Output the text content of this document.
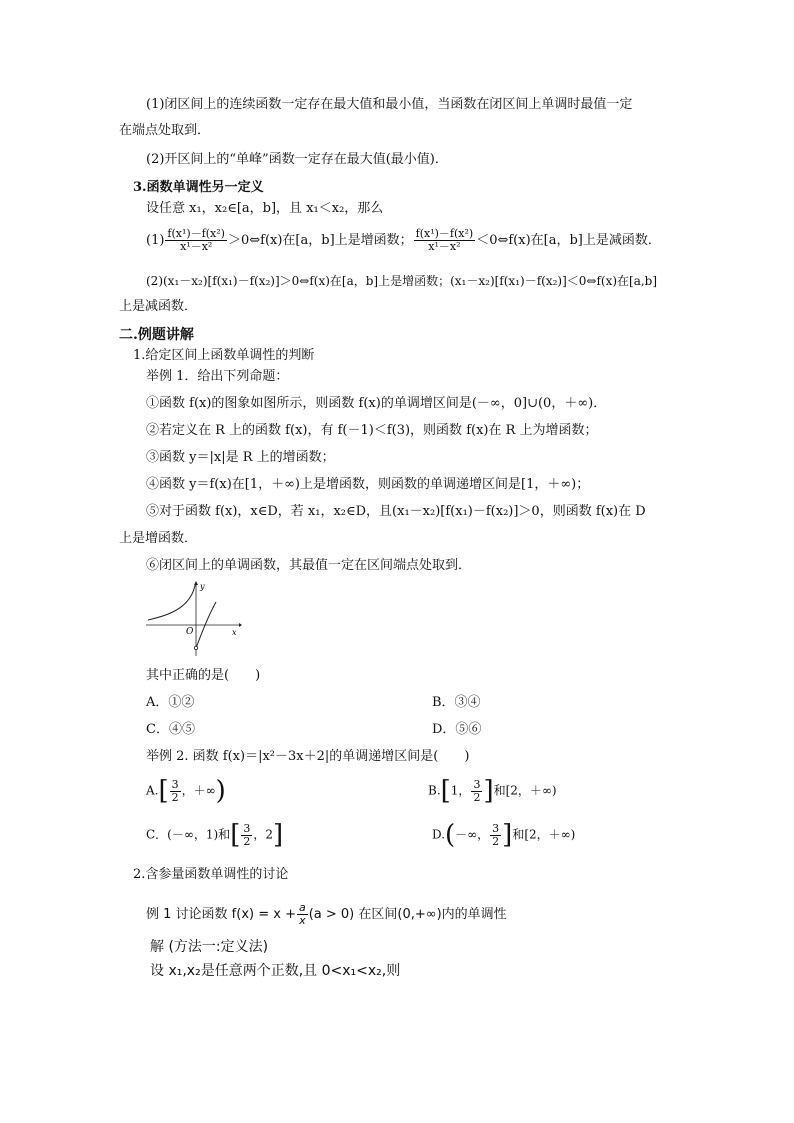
(1)闭区间上的连续函数一定存在最大值和最小值，当函数在闭区间上单调时最值一定
在端点处取到．
(2)开区间上的“单峰”函数一定存在最大值(最小值)．
3.函数单调性另一定义
设任意 x₁，x₂∈[a，b]，且 x₁＜x₂，那么
$(1) \frac{\text{f(x¹)－f(x²)}}{\text{x¹－x²}}$ ＞0⇔f(x)在[a，b]上是增函数； $\frac{\text{f(x¹)－f(x²)}}{\text{x¹－x²}}$ ＜0⇔f(x)在[a，b]上是减函数．
(2)(x₁－x₂)[f(x₁)－f(x₂)]＞0⇔f(x)在[a，b]上是增函数；(x₁－x₂)[f(x₁)－f(x₂)]＜0⇔f(x)在[a,b]
上是减函数．
二.例题讲解
1.给定区间上函数单调性的判断
举例 1．给出下列命题：
①函数 f(x)的图象如图所示，则函数 f(x)的单调增区间是(－∞，0]∪(0，＋∞)．
②若定义在 R 上的函数 f(x)，有 f(－1)＜f(3)，则函数 f(x)在 R 上为增函数；
③函数 y＝|x|是 R 上的增函数；
④函数 y＝f(x)在[1，＋∞)上是增函数，则函数的单调递增区间是[1，＋∞)；
⑤对于函数 f(x)，x∈D，若 x₁，x₂∈D，且(x₁－x₂)[f(x₁)－f(x₂)]＞0，则函数 f(x)在 D
上是增函数．
⑥闭区间上的单调函数，其最值一定在区间端点处取到．
y
x
O
其中正确的是(　　)
A．①②	B．③④
C．④⑤	D．⑤⑥
举例 2. 函数 f(x)＝|x²－3x＋2|的单调递增区间是(　　)
$A.[ \frac{3}{2}$ ，＋∞)	B.[1， $\frac{3}{2}$ ]和[2，＋∞)
C．(－∞，1)和[ $\frac{3}{2}$ ，2]	D.(－∞， $\frac{3}{2}$ ]和[2，＋∞)
2.含参量函数单调性的讨论
例 1 讨论函数 $f(x) = x + \frac{a}{x} (a > 0)$ 在区间(0,+∞)内的单调性
解 (方法一:定义法)
设 x₁,x₂是任意两个正数,且 0<x₁<x₂,则
